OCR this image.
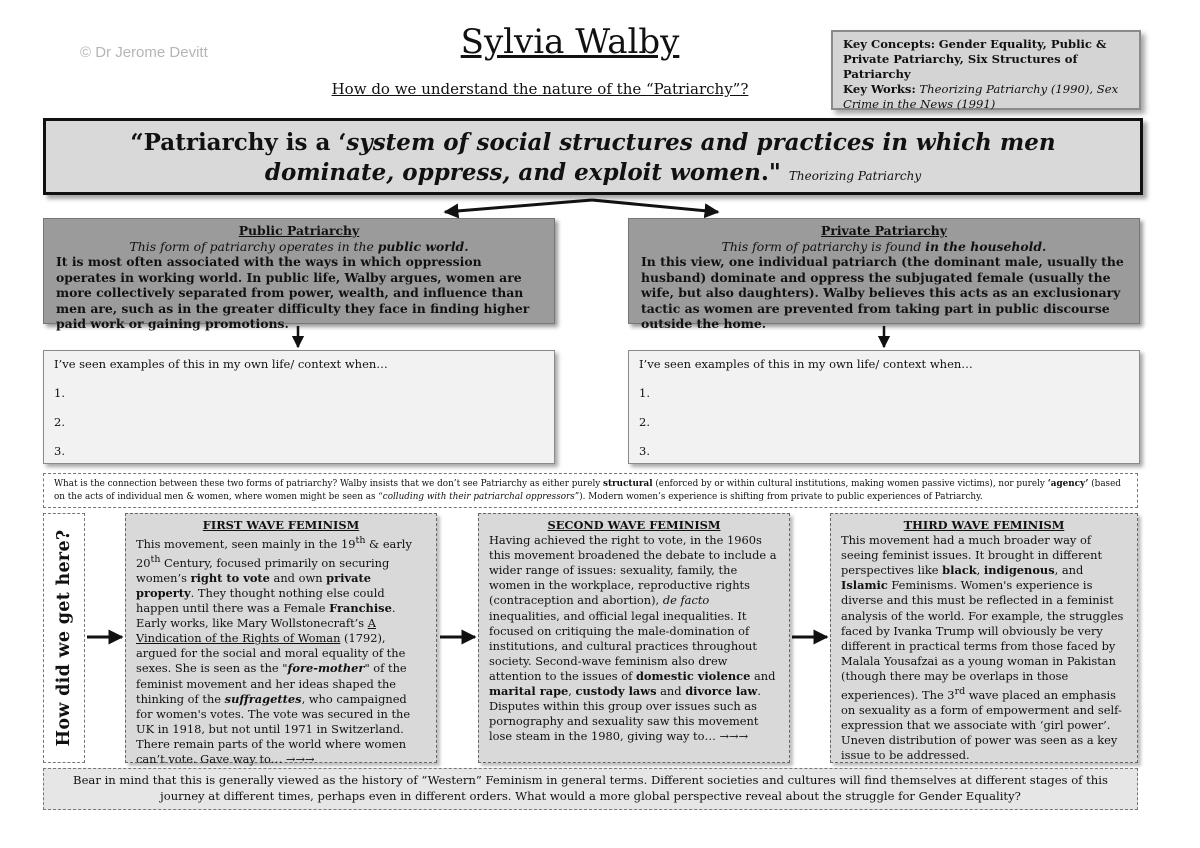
© Dr Jerome Devitt	Sylvia Walby
How do we understand the nature of the “Patriarchy”?
Key Concepts: Gender Equality, Public & Private Patriarchy, Six Structures of Patriarchy
Key Works: Theorizing Patriarchy (1990), Sex Crime in the News (1991)
“Patriarchy is a ‘system of social structures and practices in which men dominate, oppress, and exploit women." Theorizing Patriarchy
Public Patriarchy
This form of patriarchy operates in the public world.
It is most often associated with the ways in which oppression operates in working world. In public life, Walby argues, women are more collectively separated from power, wealth, and influence than men are, such as in the greater difficulty they face in finding higher paid work or gaining promotions.
Private Patriarchy
This form of patriarchy is found in the household.
In this view, one individual patriarch (the dominant male, usually the husband) dominate and oppress the subjugated female (usually the wife, but also daughters). Walby believes this acts as an exclusionary tactic as women are prevented from taking part in public discourse outside the home.
I’ve seen examples of this in my own life/ context when…
1.
2.
3.
I’ve seen examples of this in my own life/ context when…
1.
2.
3.
What is the connection between these two forms of patriarchy? Walby insists that we don’t see Patriarchy as either purely structural (enforced by or within cultural institutions, making women passive victims), nor purely ‘agency’ (based on the acts of individual men & women, where women might be seen as “colluding with their patriarchal oppressors”). Modern women’s experience is shifting from private to public experiences of Patriarchy.
How did we get here?
FIRST WAVE FEMINISM
This movement, seen mainly in the 19th & early 20th Century, focused primarily on securing women’s right to vote and own private property. They thought nothing else could happen until there was a Female Franchise. Early works, like Mary Wollstonecraft’s A Vindication of the Rights of Woman (1792), argued for the social and moral equality of the sexes. She is seen as the "fore-mother" of the feminist movement and her ideas shaped the thinking of the suffragettes, who campaigned for women's votes. The vote was secured in the UK in 1918, but not until 1971 in Switzerland. There remain parts of the world where women can’t vote. Gave way to… →→→
SECOND WAVE FEMINISM
Having achieved the right to vote, in the 1960s this movement broadened the debate to include a wider range of issues: sexuality, family, the women in the workplace, reproductive rights (contraception and abortion), de facto inequalities, and official legal inequalities. It focused on critiquing the male-domination of institutions, and cultural practices throughout society. Second-wave feminism also drew attention to the issues of domestic violence and marital rape, custody laws and divorce law. Disputes within this group over issues such as pornography and sexuality saw this movement lose steam in the 1980, giving way to… →→→
THIRD WAVE FEMINISM
This movement had a much broader way of seeing feminist issues. It brought in different perspectives like black, indigenous, and Islamic Feminisms. Women's experience is diverse and this must be reflected in a feminist analysis of the world. For example, the struggles faced by Ivanka Trump will obviously be very different in practical terms from those faced by Malala Yousafzai as a young woman in Pakistan (though there may be overlaps in those experiences). The 3rd wave placed an emphasis on sexuality as a form of empowerment and self-expression that we associate with ‘girl power’. Uneven distribution of power was seen as a key issue to be addressed.
Bear in mind that this is generally viewed as the history of “Western” Feminism in general terms. Different societies and cultures will find themselves at different stages of this journey at different times, perhaps even in different orders. What would a more global perspective reveal about the struggle for Gender Equality?
